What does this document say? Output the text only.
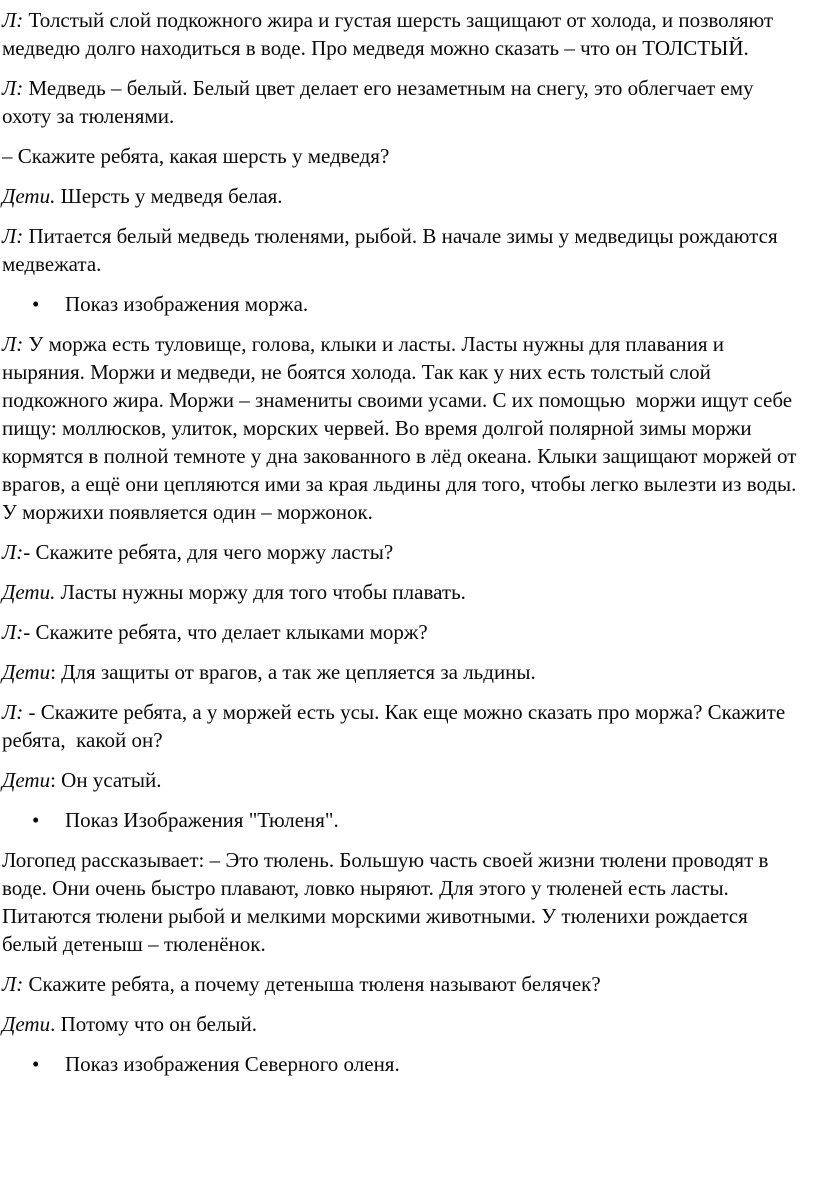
Л: Толстый слой подкожного жира и густая шерсть защищают от холода, и позволяют медведю долго находиться в воде. Про медведя можно сказать – что он ТОЛСТЫЙ.

Л: Медведь – белый. Белый цвет делает его незаметным на снегу, это облегчает ему охоту за тюленями.

– Скажите ребята, какая шерсть у медведя?

Дети. Шерсть у медведя белая.

Л: Питается белый медведь тюленями, рыбой. В начале зимы у медведицы рождаются медвежата.

•	Показ изображения моржа.

Л: У моржа есть туловище, голова, клыки и ласты. Ласты нужны для плавания и ныряния. Моржи и медведи, не боятся холода. Так как у них есть толстый слой подкожного жира. Моржи – знамениты своими усами. С их помощью  моржи ищут себе пищу: моллюсков, улиток, морских червей. Во время долгой полярной зимы моржи кормятся в полной темноте у дна закованного в лёд океана. Клыки защищают моржей от врагов, а ещё они цепляются ими за края льдины для того, чтобы легко вылезти из воды. У моржихи появляется один – моржонок.

Л:- Скажите ребята, для чего моржу ласты?

Дети. Ласты нужны моржу для того чтобы плавать.

Л:- Скажите ребята, что делает клыками морж?

Дети: Для защиты от врагов, а так же цепляется за льдины.

Л: - Скажите ребята, а у моржей есть усы. Как еще можно сказать про моржа? Скажите ребята,  какой он?

Дети: Он усатый.

•	Показ Изображения "Тюленя".

Логопед рассказывает: – Это тюлень. Большую часть своей жизни тюлени проводят в воде. Они очень быстро плавают, ловко ныряют. Для этого у тюленей есть ласты. Питаются тюлени рыбой и мелкими морскими животными. У тюленихи рождается белый детеныш – тюленёнок.

Л: Скажите ребята, а почему детеныша тюленя называют белячек?

Дети. Потому что он белый.

•	Показ изображения Северного оленя.
